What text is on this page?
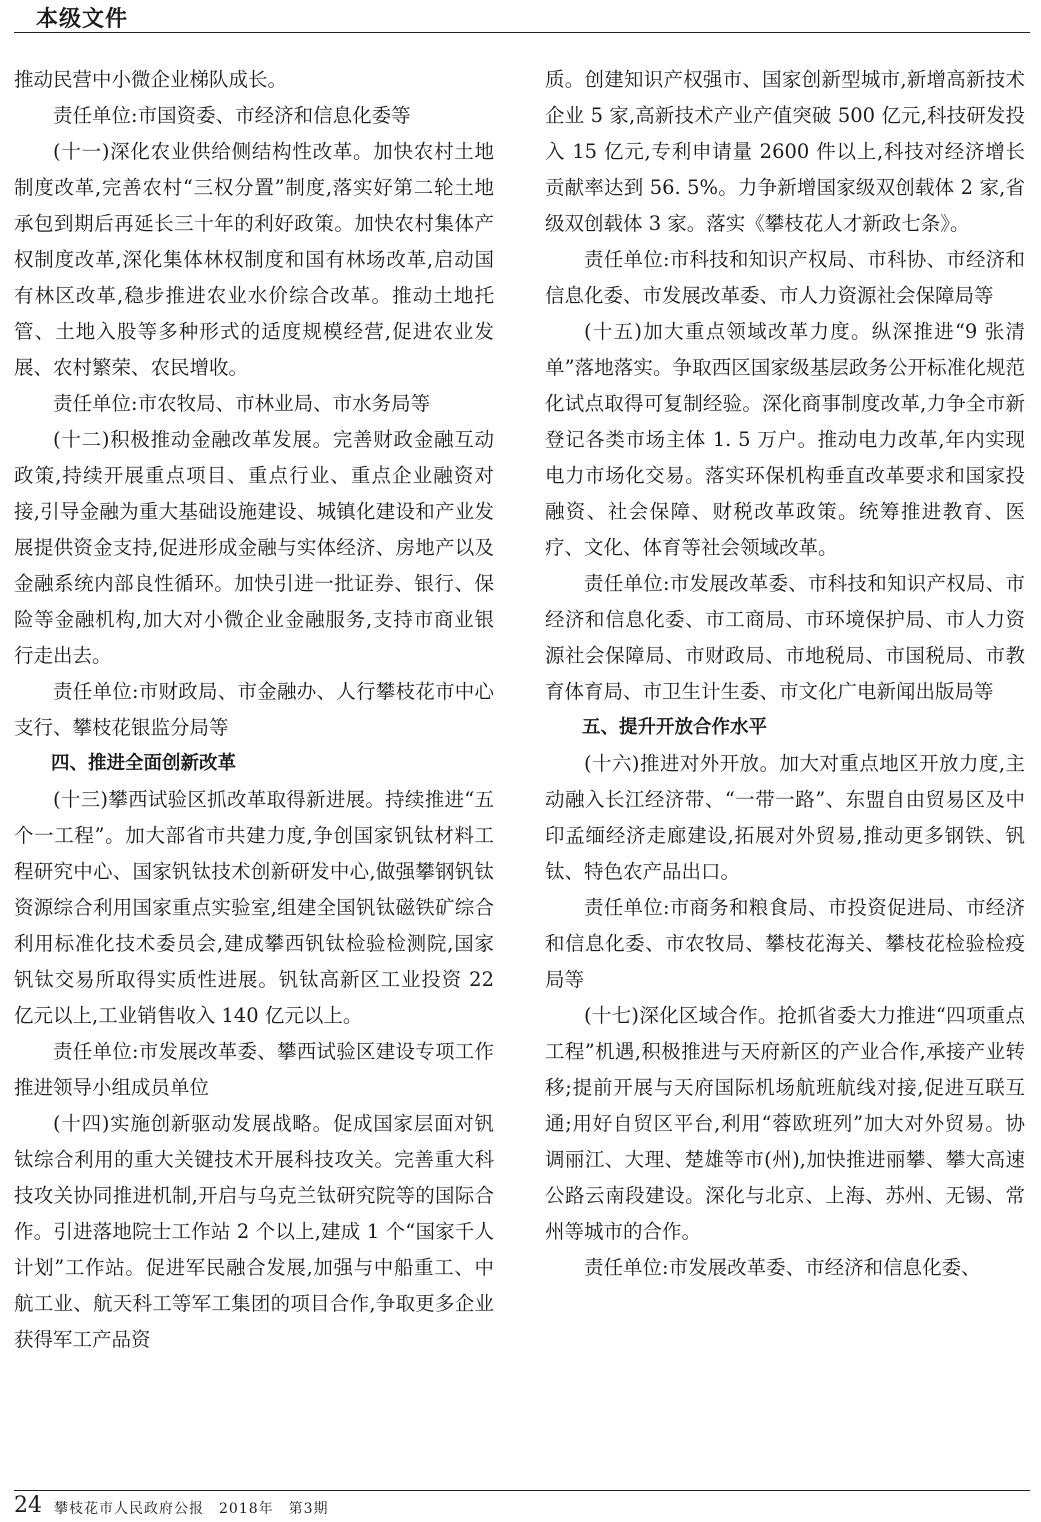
本级文件

推动民营中小微企业梯队成长。

责任单位:市国资委、市经济和信息化委等

(十一)深化农业供给侧结构性改革。加快农村土地制度改革,完善农村“三权分置”制度,落实好第二轮土地承包到期后再延长三十年的利好政策。加快农村集体产权制度改革,深化集体林权制度和国有林场改革,启动国有林区改革,稳步推进农业水价综合改革。推动土地托管、土地入股等多种形式的适度规模经营,促进农业发展、农村繁荣、农民增收。

责任单位:市农牧局、市林业局、市水务局等

(十二)积极推动金融改革发展。完善财政金融互动政策,持续开展重点项目、重点行业、重点企业融资对接,引导金融为重大基础设施建设、城镇化建设和产业发展提供资金支持,促进形成金融与实体经济、房地产以及金融系统内部良性循环。加快引进一批证券、银行、保险等金融机构,加大对小微企业金融服务,支持市商业银行走出去。

责任单位:市财政局、市金融办、人行攀枝花市中心支行、攀枝花银监分局等

四、推进全面创新改革

(十三)攀西试验区抓改革取得新进展。持续推进“五个一工程”。加大部省市共建力度,争创国家钒钛材料工程研究中心、国家钒钛技术创新研发中心,做强攀钢钒钛资源综合利用国家重点实验室,组建全国钒钛磁铁矿综合利用标准化技术委员会,建成攀西钒钛检验检测院,国家钒钛交易所取得实质性进展。钒钛高新区工业投资 22 亿元以上,工业销售收入 140 亿元以上。

责任单位:市发展改革委、攀西试验区建设专项工作推进领导小组成员单位

(十四)实施创新驱动发展战略。促成国家层面对钒钛综合利用的重大关键技术开展科技攻关。完善重大科技攻关协同推进机制,开启与乌克兰钛研究院等的国际合作。引进落地院士工作站 2 个以上,建成 1 个“国家千人计划”工作站。促进军民融合发展,加强与中船重工、中航工业、航天科工等军工集团的项目合作,争取更多企业获得军工产品资

质。创建知识产权强市、国家创新型城市,新增高新技术企业 5 家,高新技术产业产值突破 500 亿元,科技研发投入 15 亿元,专利申请量 2600 件以上,科技对经济增长贡献率达到 56. 5%。力争新增国家级双创载体 2 家,省级双创载体 3 家。落实《攀枝花人才新政七条》。

责任单位:市科技和知识产权局、市科协、市经济和信息化委、市发展改革委、市人力资源社会保障局等

(十五)加大重点领域改革力度。纵深推进“9 张清单”落地落实。争取西区国家级基层政务公开标准化规范化试点取得可复制经验。深化商事制度改革,力争全市新登记各类市场主体 1. 5 万户。推动电力改革,年内实现电力市场化交易。落实环保机构垂直改革要求和国家投融资、社会保障、财税改革政策。统筹推进教育、医疗、文化、体育等社会领域改革。

责任单位:市发展改革委、市科技和知识产权局、市经济和信息化委、市工商局、市环境保护局、市人力资源社会保障局、市财政局、市地税局、市国税局、市教育体育局、市卫生计生委、市文化广电新闻出版局等

五、提升开放合作水平

(十六)推进对外开放。加大对重点地区开放力度,主动融入长江经济带、“一带一路”、东盟自由贸易区及中印孟缅经济走廊建设,拓展对外贸易,推动更多钢铁、钒钛、特色农产品出口。

责任单位:市商务和粮食局、市投资促进局、市经济和信息化委、市农牧局、攀枝花海关、攀枝花检验检疫局等

(十七)深化区域合作。抢抓省委大力推进“四项重点工程”机遇,积极推进与天府新区的产业合作,承接产业转移;提前开展与天府国际机场航班航线对接,促进互联互通;用好自贸区平台,利用“蓉欧班列”加大对外贸易。协调丽江、大理、楚雄等市(州),加快推进丽攀、攀大高速公路云南段建设。深化与北京、上海、苏州、无锡、常州等城市的合作。

责任单位:市发展改革委、市经济和信息化委、

24 攀枝花市人民政府公报　2018年　第3期
